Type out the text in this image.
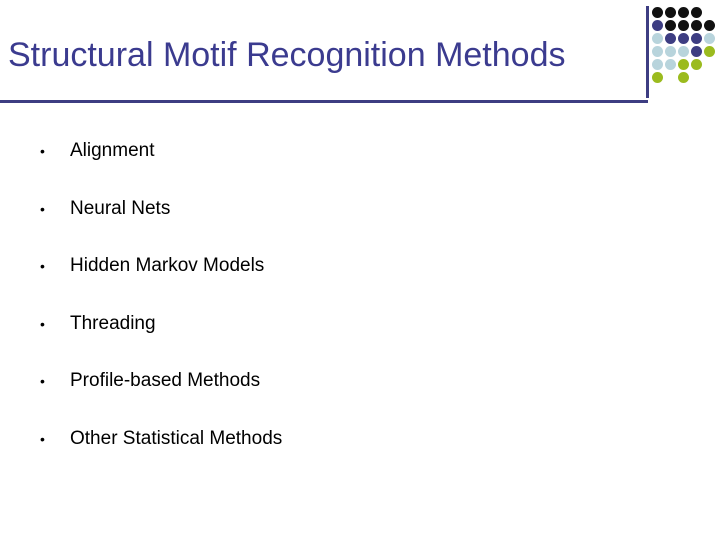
Structural Motif Recognition Methods
•	Alignment
•	Neural Nets
•	Hidden Markov Models
•	Threading
•	Profile-based Methods
•	Other Statistical Methods
